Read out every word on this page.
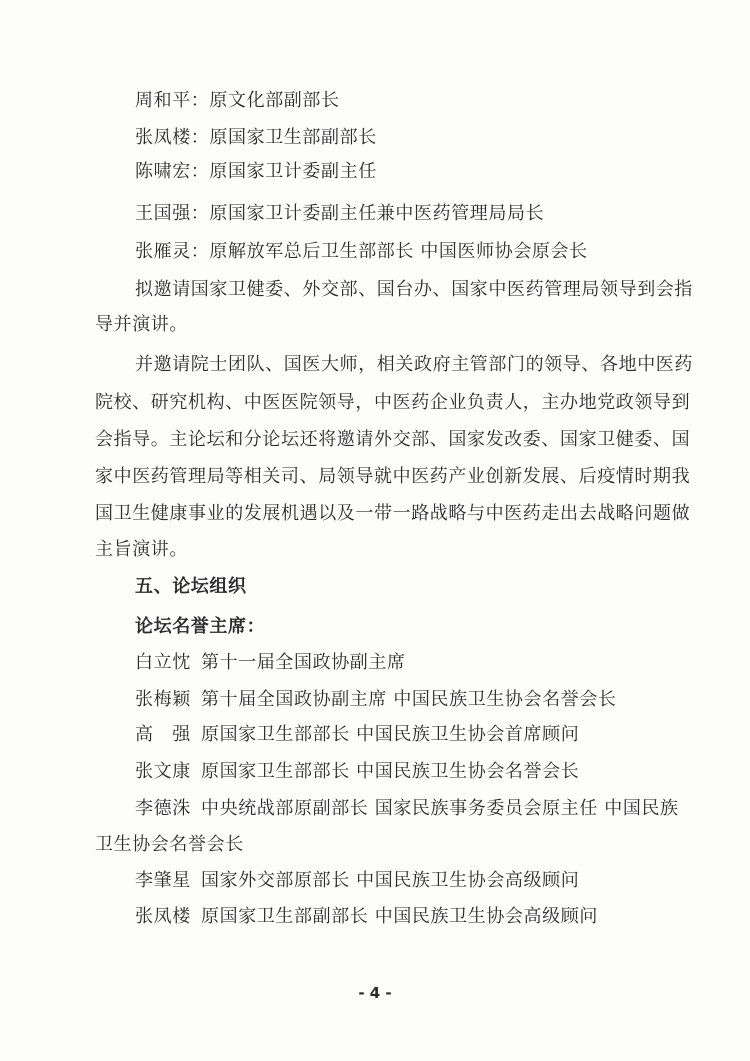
周和平：原文化部副部长
张凤楼：原国家卫生部副部长
陈啸宏：原国家卫计委副主任
王国强：原国家卫计委副主任兼中医药管理局局长
张雁灵：原解放军总后卫生部部长 中国医师协会原会长
拟邀请国家卫健委、外交部、国台办、国家中医药管理局领导到会指
导并演讲。
并邀请院士团队、国医大师，相关政府主管部门的领导、各地中医药
院校、研究机构、中医医院领导，中医药企业负责人，主办地党政领导到
会指导。主论坛和分论坛还将邀请外交部、国家发改委、国家卫健委、国
家中医药管理局等相关司、局领导就中医药产业创新发展、后疫情时期我
国卫生健康事业的发展机遇以及一带一路战略与中医药走出去战略问题做
主旨演讲。
五、论坛组织
论坛名誉主席：
白立忱 第十一届全国政协副主席
张梅颖 第十届全国政协副主席 中国民族卫生协会名誉会长
高　强 原国家卫生部部长 中国民族卫生协会首席顾问
张文康 原国家卫生部部长 中国民族卫生协会名誉会长
李德洙 中央统战部原副部长 国家民族事务委员会原主任 中国民族
卫生协会名誉会长
李肇星 国家外交部原部长 中国民族卫生协会高级顾问
张凤楼 原国家卫生部副部长 中国民族卫生协会高级顾问
- 4 -
